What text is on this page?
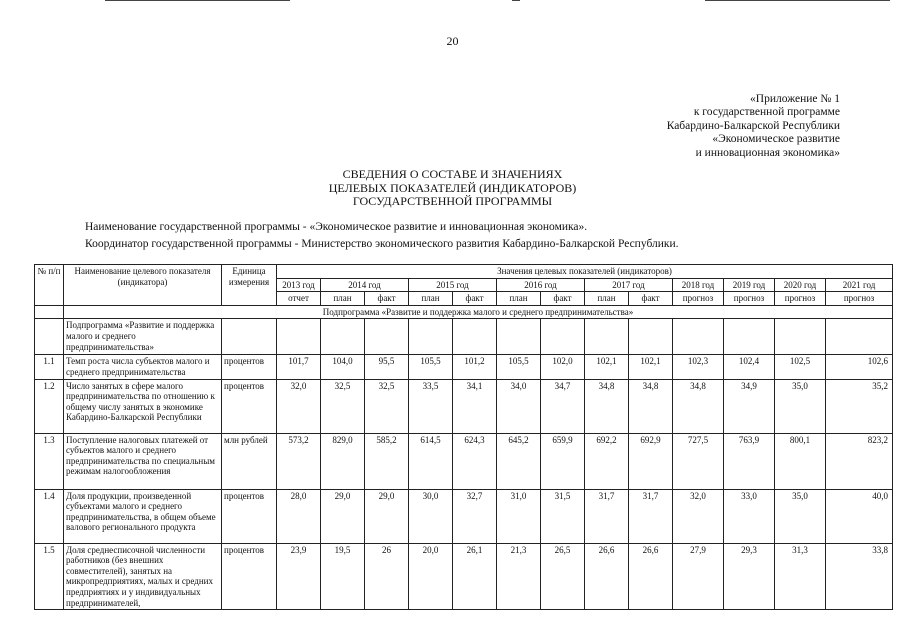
20
«Приложение № 1
к государственной программе
Кабардино-Балкарской Республики
«Экономическое развитие
и инновационная экономика»
СВЕДЕНИЯ О СОСТАВЕ И ЗНАЧЕНИЯХ
ЦЕЛЕВЫХ ПОКАЗАТЕЛЕЙ (ИНДИКАТОРОВ)
ГОСУДАРСТВЕННОЙ ПРОГРАММЫ
Наименование государственной программы - «Экономическое развитие и инновационная экономика».
Координатор государственной программы - Министерство экономического развития Кабардино-Балкарской Республики.
№ п/п	Наименование целевого показателя (индикатора)	Единица измерения	Значения целевых показателей (индикаторов)												
			2013 год	2014 год		2015 год		2016 год		2017 год		2018 год	2019 год	2020 год	2021 год
			отчет	план	факт	план	факт	план	факт	план	факт	прогноз	прогноз	прогноз	прогноз
	Подпрограмма «Развитие и поддержка малого и среднего предпринимательства»														
	Подпрограмма «Развитие и поддержка малого и среднего предпринимательства»														
1.1	Темп роста числа субъектов малого и среднего предпринимательства	процентов	101,7	104,0	95,5	105,5	101,2	105,5	102,0	102,1	102,1	102,3	102,4	102,5	102,6
1.2	Число занятых в сфере малого предпринимательства по отношению к общему числу занятых в экономике Кабардино-Балкарской Республики	процентов	32,0	32,5	32,5	33,5	34,1	34,0	34,7	34,8	34,8	34,8	34,9	35,0	35,2
1.3	Поступление налоговых платежей от субъектов малого и среднего предпринимательства по специальным режимам налогообложения	млн рублей	573,2	829,0	585,2	614,5	624,3	645,2	659,9	692,2	692,9	727,5	763,9	800,1	823,2
1.4	Доля продукции, произведенной субъектами малого и среднего предпринимательства, в общем объеме валового регионального продукта	процентов	28,0	29,0	29,0	30,0	32,7	31,0	31,5	31,7	31,7	32,0	33,0	35,0	40,0
1.5	Доля среднесписочной численности работников (без внешних совместителей), занятых на микропредприятиях, малых и средних предприятиях и у индивидуальных предпринимателей,	процентов	23,9	19,5	26	20,0	26,1	21,3	26,5	26,6	26,6	27,9	29,3	31,3	33,8
